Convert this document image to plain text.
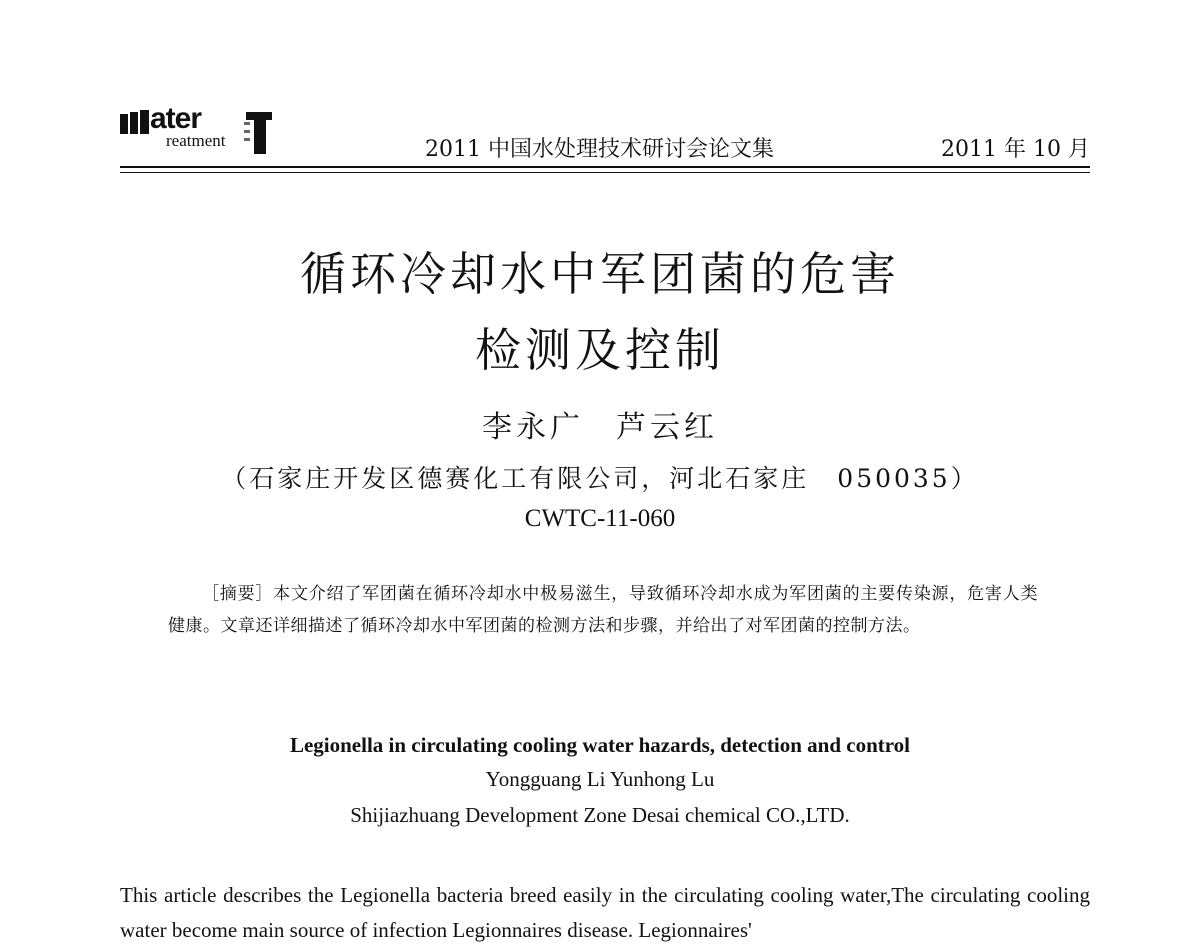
ater
reatment	2011 中国水处理技术研讨会论文集	2011 年 10 月
循环冷却水中军团菌的危害
检测及控制
李永广 芦云红
（石家庄开发区德赛化工有限公司，河北石家庄　050035）
CWTC-11-060

［摘要］本文介绍了军团菌在循环冷却水中极易滋生，导致循环冷却水成为军团菌的主要传染源，危害人类健康。文章还详细描述了循环冷却水中军团菌的检测方法和步骤，并给出了对军团菌的控制方法。

Legionella in circulating cooling water hazards, detection and control
Yongguang Li Yunhong Lu
Shijiazhuang Development Zone Desai chemical CO.,LTD.

This article describes the Legionella bacteria breed easily in the circulating cooling water,The circulating cooling water become main source of infection Legionnaires disease. Legionnaires'
